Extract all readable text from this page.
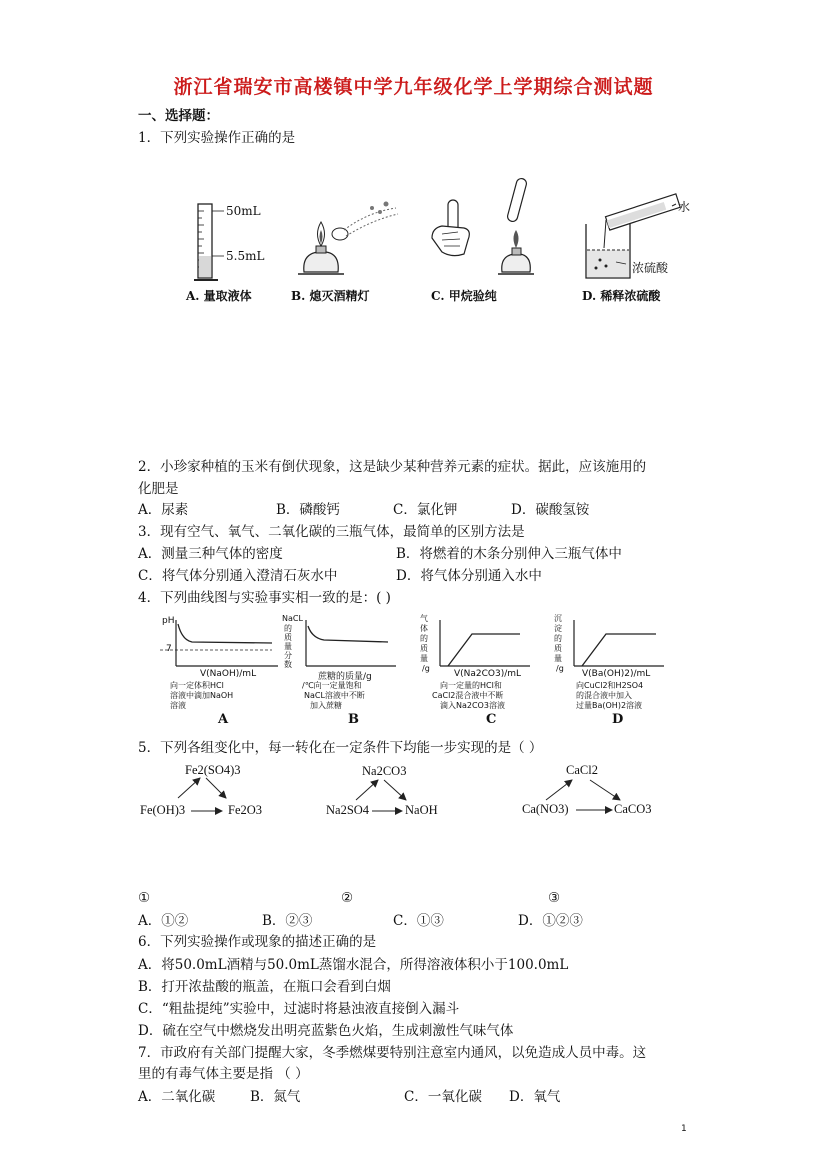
浙江省瑞安市高楼镇中学九年级化学上学期综合测试题
一、选择题：
1．下列实验操作正确的是
50mL
5.5mL
水
浓硫酸
A. 量取液体	B. 熄灭酒精灯	C. 甲烷验纯	D. 稀释浓硫酸
2．小珍家种植的玉米有倒伏现象，这是缺少某种营养元素的症状。据此，应该施用的
化肥是
A．尿素	B．磷酸钙	C．氯化钾	D．碳酸氢铵
3．现有空气、氧气、二氧化碳的三瓶气体，最简单的区别方法是
A．测量三种气体的密度	B．将燃着的木条分别伸入三瓶气体中
C．将气体分别通入澄清石灰水中	D．将气体分别通入水中
4．下列曲线图与实验事实相一致的是：( )
pH
7
V(NaOH)/mL
向一定体积HCl
溶液中滴加NaOH
溶液
A
NaCL
的
质
量
分
数
蔗糖的质量/g
/℃向一定量饱和
NaCL溶液中不断
加入蔗糖
B
气
体
的
质
量
/g
V(Na2CO3)/mL
向一定量的HCl和
CaCl2混合液中不断
滴入Na2CO3溶液
C
沉
淀
的
质
量
/g
V(Ba(OH)2)/mL
向CuCl2和H2SO4
的混合液中加入
过量Ba(OH)2溶液
D
5．下列各组变化中，每一转化在一定条件下均能一步实现的是（ ）
Fe2(SO4)3
Fe(OH)3	Fe2O3
Na2CO3
Na2SO4	NaOH
CaCl2
Ca(NO3)	CaCO3
①	②	③
A．①②	B．②③	C．①③	D．①②③
6．下列实验操作或现象的描述正确的是
A．将50.0mL酒精与50.0mL蒸馏水混合，所得溶液体积小于100.0mL
B．打开浓盐酸的瓶盖，在瓶口会看到白烟
C．“粗盐提纯”实验中，过滤时将悬浊液直接倒入漏斗
D．硫在空气中燃烧发出明亮蓝紫色火焰，生成刺激性气味气体
7．市政府有关部门提醒大家，冬季燃煤要特别注意室内通风，以免造成人员中毒。这
里的有毒气体主要是指 （ ）
A．二氧化碳	B．氮气	C．一氧化碳 D．氧气
1
